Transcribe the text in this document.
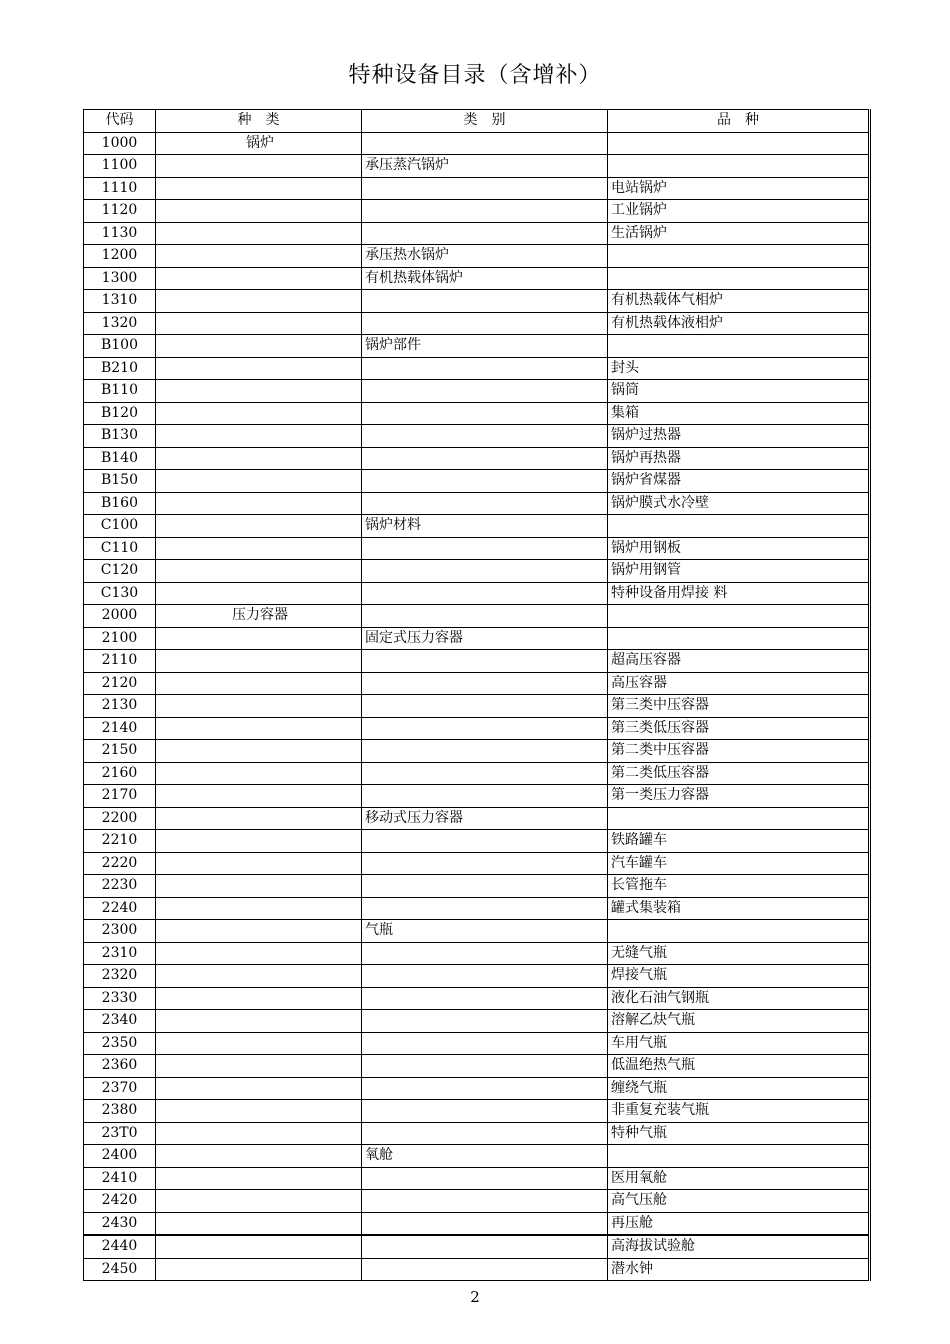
特种设备目录（含增补）
代码	种　类	类　别	品　种
1000	锅炉		
1100		承压蒸汽锅炉	
1110			电站锅炉
1120			工业锅炉
1130			生活锅炉
1200		承压热水锅炉	
1300		有机热载体锅炉	
1310			有机热载体气相炉
1320			有机热载体液相炉
B100		锅炉部件	
B210			封头
B110			锅筒
B120			集箱
B130			锅炉过热器
B140			锅炉再热器
B150			锅炉省煤器
B160			锅炉膜式水冷壁
C100		锅炉材料	
C110			锅炉用钢板
C120			锅炉用钢管
C130			特种设备用焊接 料
2000	压力容器		
2100		固定式压力容器	
2110			超高压容器
2120			高压容器
2130			第三类中压容器
2140			第三类低压容器
2150			第二类中压容器
2160			第二类低压容器
2170			第一类压力容器
2200		移动式压力容器	
2210			铁路罐车
2220			汽车罐车
2230			长管拖车
2240			罐式集装箱
2300		气瓶	
2310			无缝气瓶
2320			焊接气瓶
2330			液化石油气钢瓶
2340			溶解乙炔气瓶
2350			车用气瓶
2360			低温绝热气瓶
2370			缠绕气瓶
2380			非重复充装气瓶
23T0			特种气瓶
2400		氧舱	
2410			医用氧舱
2420			高气压舱
2430			再压舱
2440			高海拔试验舱
2450			潜水钟
2
